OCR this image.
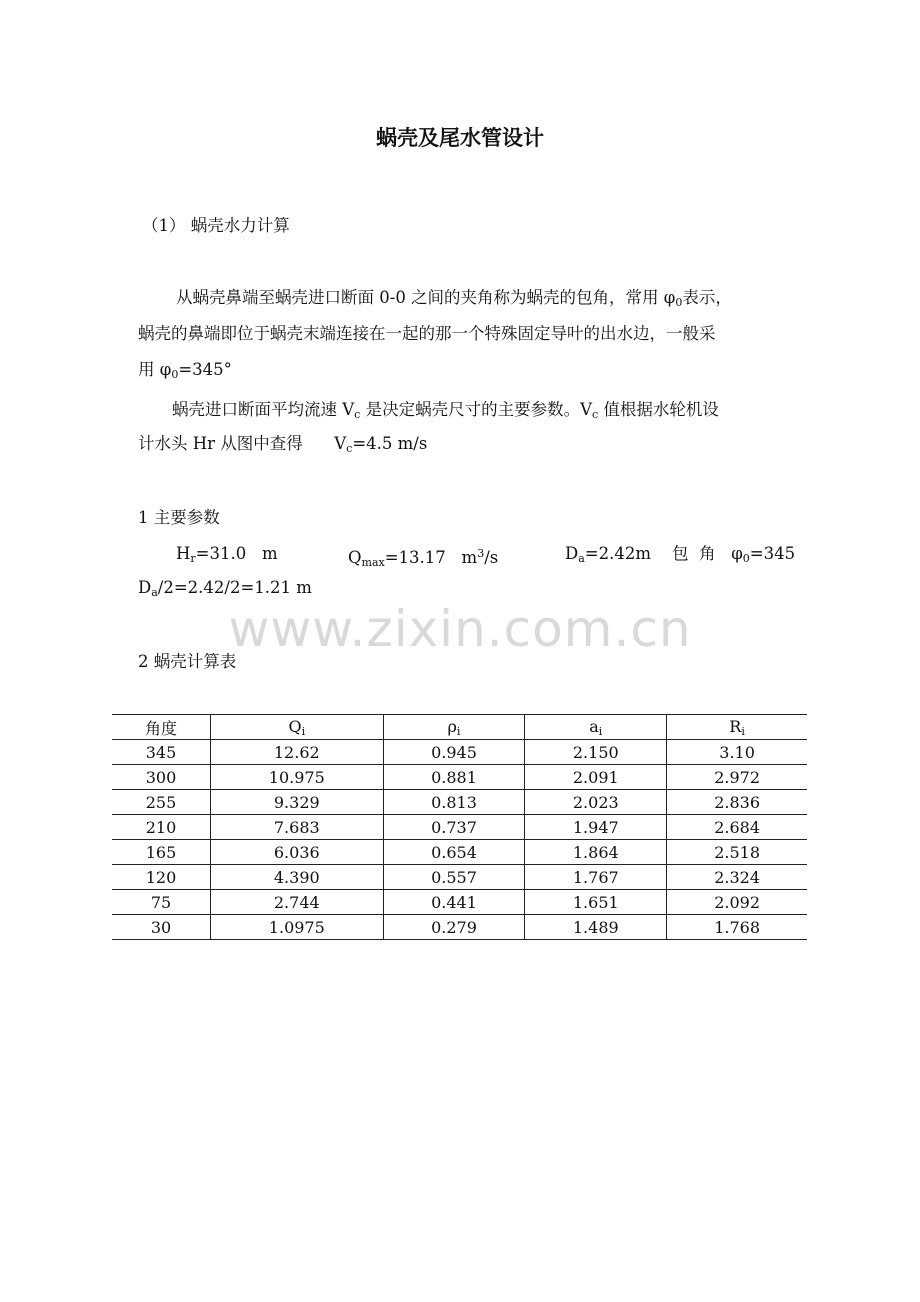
蜗壳及尾水管设计
（1） 蜗壳水力计算
从蜗壳鼻端至蜗壳进口断面 0-0 之间的夹角称为蜗壳的包角，常用 $\varphi_0$表示，
蜗壳的鼻端即位于蜗壳末端连接在一起的那一个特殊固定导叶的出水边，一般采
用 $\varphi_0=345^\circ$
蜗壳进口断面平均流速 $V_c$ 是决定蜗壳尺寸的主要参数。$V_c$ 值根据水轮机设
计水头 Hr 从图中查得      $V_c=4.5$ m/s
1 主要参数
$H_r=31.0$   m	$Q_{max}=13.17$   $m^3/s$	$D_a=2.42m$    包  角   $\varphi_0=345$
$D_a/2=2.42/2=1.21$ m
www.zixin.com.cn
2 蜗壳计算表
角度	$Q_i$	$\rho_i$	$a_i$	$R_i$
345	12.62	0.945	2.150	3.10
300	10.975	0.881	2.091	2.972
255	9.329	0.813	2.023	2.836
210	7.683	0.737	1.947	2.684
165	6.036	0.654	1.864	2.518
120	4.390	0.557	1.767	2.324
75	2.744	0.441	1.651	2.092
30	1.0975	0.279	1.489	1.768
